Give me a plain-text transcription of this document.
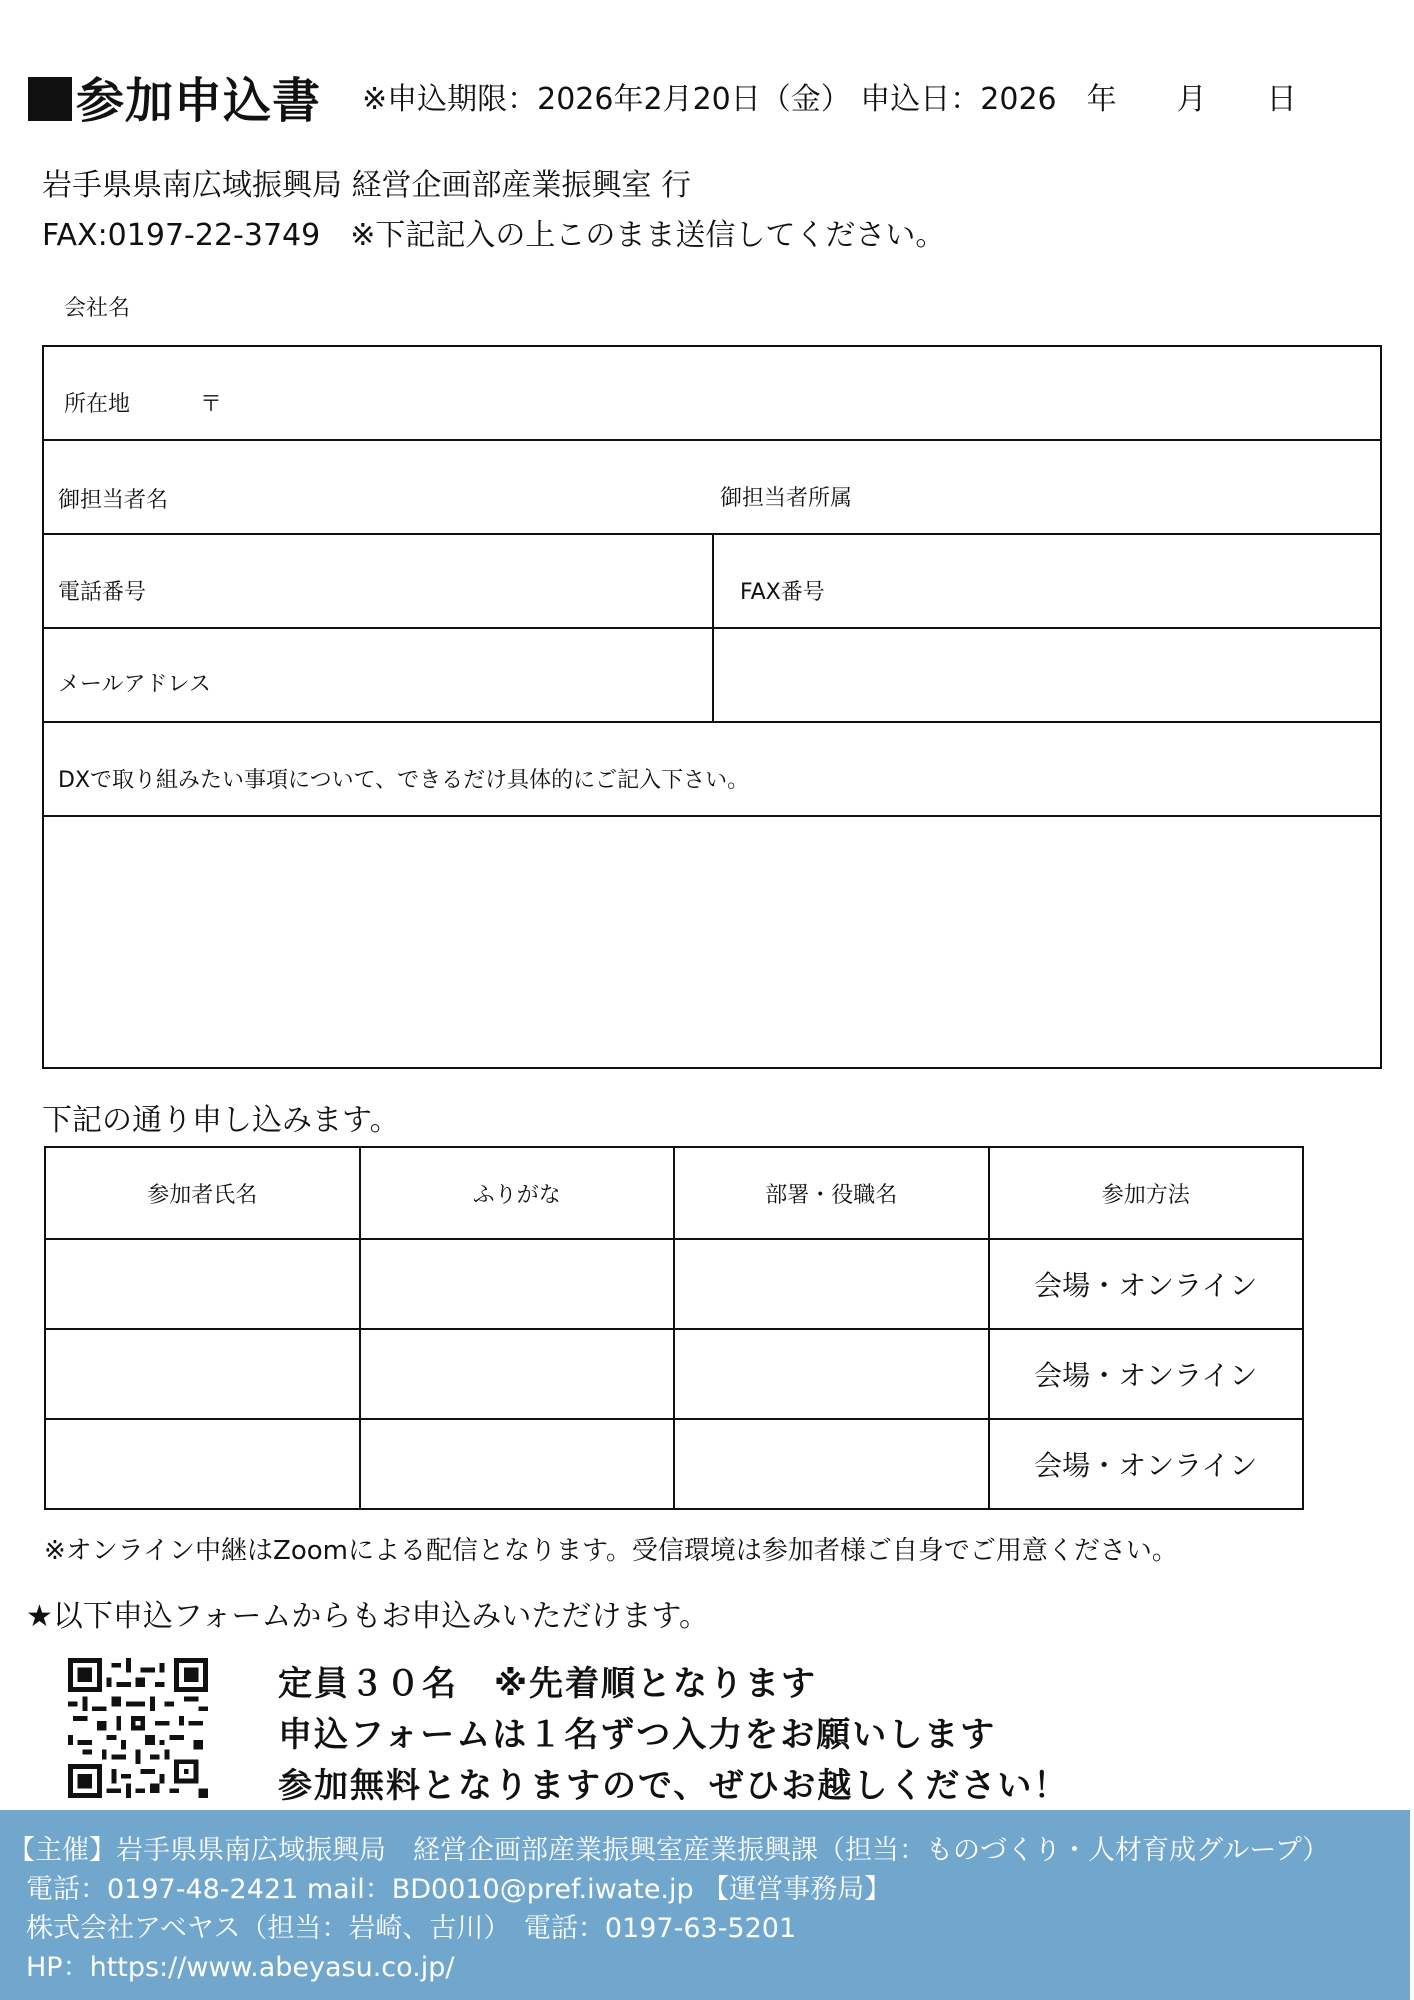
参加申込書 ※申込期限：2026年2月20日（金） 申込日：2026　年　　月　　日
岩手県県南広域振興局 経営企画部産業振興室 行
FAX:0197-22-3749　※下記記入の上このまま送信してください。
会社名
所在地	〒
御担当者名	御担当者所属
電話番号	FAX番号
メールアドレス
DXで取り組みたい事項について、できるだけ具体的にご記入下さい。
下記の通り申し込みます。
参加者氏名	ふりがな	部署・役職名	参加方法
			会場・オンライン
			会場・オンライン
			会場・オンライン
※オンライン中継はZoomによる配信となります。受信環境は参加者様ご自身でご用意ください。
★以下申込フォームからもお申込みいただけます。
定員３０名　※先着順となります
申込フォームは１名ずつ入力をお願いします
参加無料となりますので、ぜひお越しください！
【主催】岩手県県南広域振興局　経営企画部産業振興室産業振興課（担当：ものづくり・人材育成グループ）
電話：0197-48-2421 mail：BD0010@pref.iwate.jp 【運営事務局】
株式会社アベヤス（担当：岩崎、古川）　電話：0197-63-5201
HP：https://www.abeyasu.co.jp/
